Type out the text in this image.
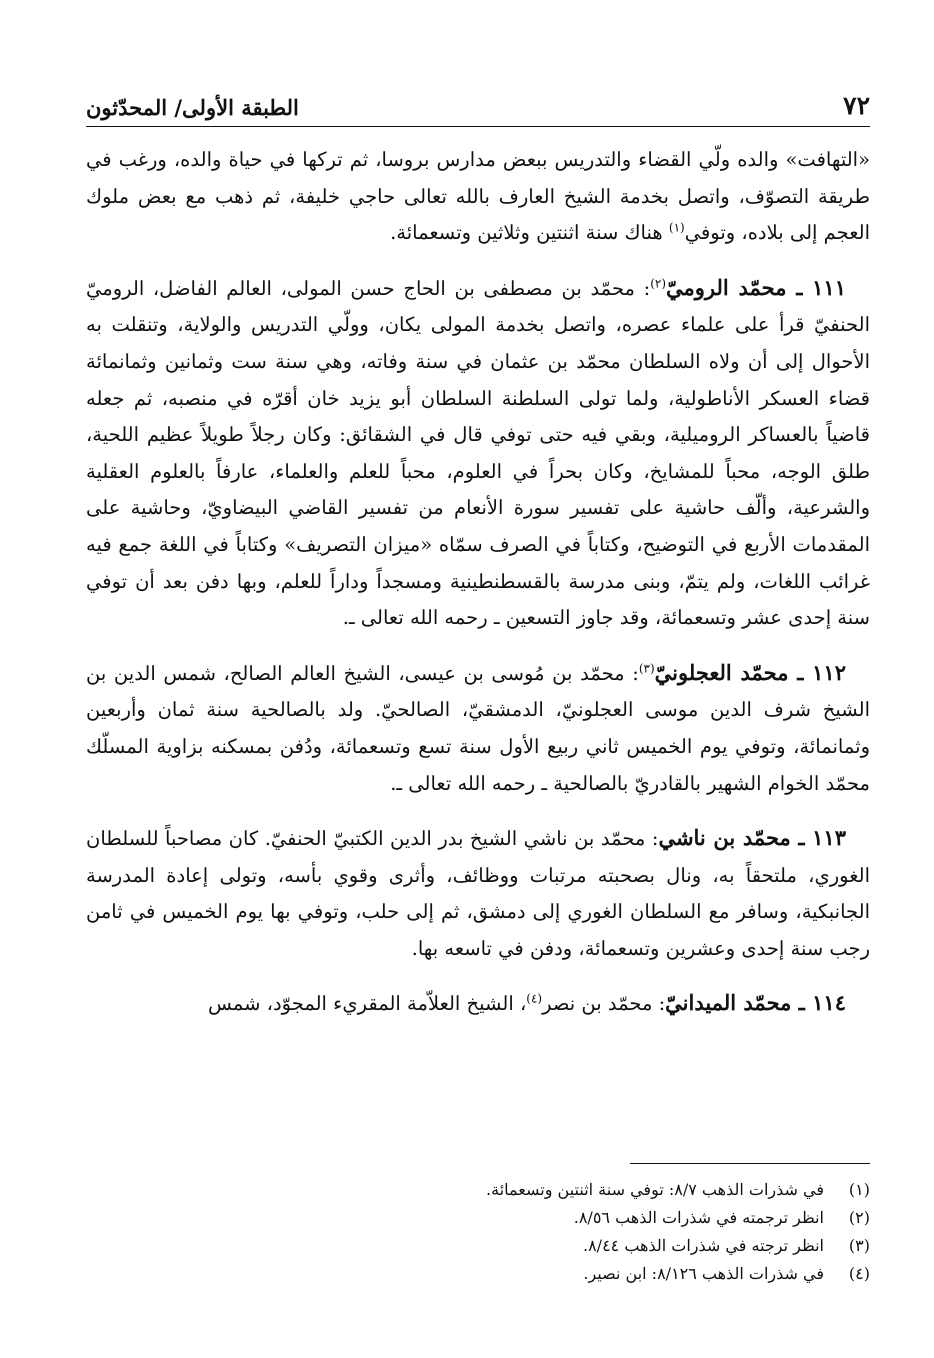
٧٢
الطبقة الأولى/ المحدّثون

«التهافت» والده ولّي القضاء والتدريس ببعض مدارس بروسا، ثم تركها في حياة والده، ورغب في طريقة التصوّف، واتصل بخدمة الشيخ العارف بالله تعالى حاجي خليفة، ثم ذهب مع بعض ملوك العجم إلى بلاده، وتوفي$^{(١)}$ هناك سنة اثنتين وثلاثين وتسعمائة.

١١١ ـ محمّد الروميّ$^{(٢)}$: محمّد بن مصطفى بن الحاج حسن المولى، العالم الفاضل، الروميّ الحنفيّ قرأ على علماء عصره، واتصل بخدمة المولى يكان، وولّي التدريس والولاية، وتنقلت به الأحوال إلى أن ولاه السلطان محمّد بن عثمان في سنة وفاته، وهي سنة ست وثمانين وثمانمائة قضاء العسكر الأناطولية، ولما تولى السلطنة السلطان أبو يزيد خان أقرّه في منصبه، ثم جعله قاضياً بالعساكر الروميلية، وبقي فيه حتى توفي قال في الشقائق: وكان رجلاً طويلاً عظيم اللحية، طلق الوجه، محباً للمشايخ، وكان بحراً في العلوم، محباً للعلم والعلماء، عارفاً بالعلوم العقلية والشرعية، وألّف حاشية على تفسير سورة الأنعام من تفسير القاضي البيضاويّ، وحاشية على المقدمات الأربع في التوضيح، وكتاباً في الصرف سمّاه «ميزان التصريف» وكتاباً في اللغة جمع فيه غرائب اللغات، ولم يتمّ، وبنى مدرسة بالقسطنطينية ومسجداً وداراً للعلم، وبها دفن بعد أن توفي سنة إحدى عشر وتسعمائة، وقد جاوز التسعين ـ رحمه الله تعالى ـ.

١١٢ ـ محمّد العجلونيّ$^{(٣)}$: محمّد بن مُوسى بن عيسى، الشيخ العالم الصالح، شمس الدين بن الشيخ شرف الدين موسى العجلونيّ، الدمشقيّ، الصالحيّ. ولد بالصالحية سنة ثمان وأربعين وثمانمائة، وتوفي يوم الخميس ثاني ربيع الأول سنة تسع وتسعمائة، ودُفن بمسكنه بزاوية المسلّك محمّد الخوام الشهير بالقادريّ بالصالحية ـ رحمه الله تعالى ـ.

١١٣ ـ محمّد بن ناشي: محمّد بن ناشي الشيخ بدر الدين الكتبيّ الحنفيّ. كان مصاحباً للسلطان الغوري، ملتحقاً به، ونال بصحبته مرتبات ووظائف، وأثرى وقوي بأسه، وتولى إعادة المدرسة الجانبكية، وسافر مع السلطان الغوري إلى دمشق، ثم إلى حلب، وتوفي بها يوم الخميس في ثامن رجب سنة إحدى وعشرين وتسعمائة، ودفن في تاسعه بها.

١١٤ ـ محمّد الميدانيّ: محمّد بن نصر$^{(٤)}$، الشيخ العلاّمة المقريء المجوّد، شمس

(١)
في شذرات الذهب ٨/٧: توفي سنة اثنتين وتسعمائة.
(٢)
انظر ترجمته في شذرات الذهب ٨/٥٦.
(٣)
انظر ترجته في شذرات الذهب ٨/٤٤.
(٤)
في شذرات الذهب ٨/١٢٦: ابن نصير.
